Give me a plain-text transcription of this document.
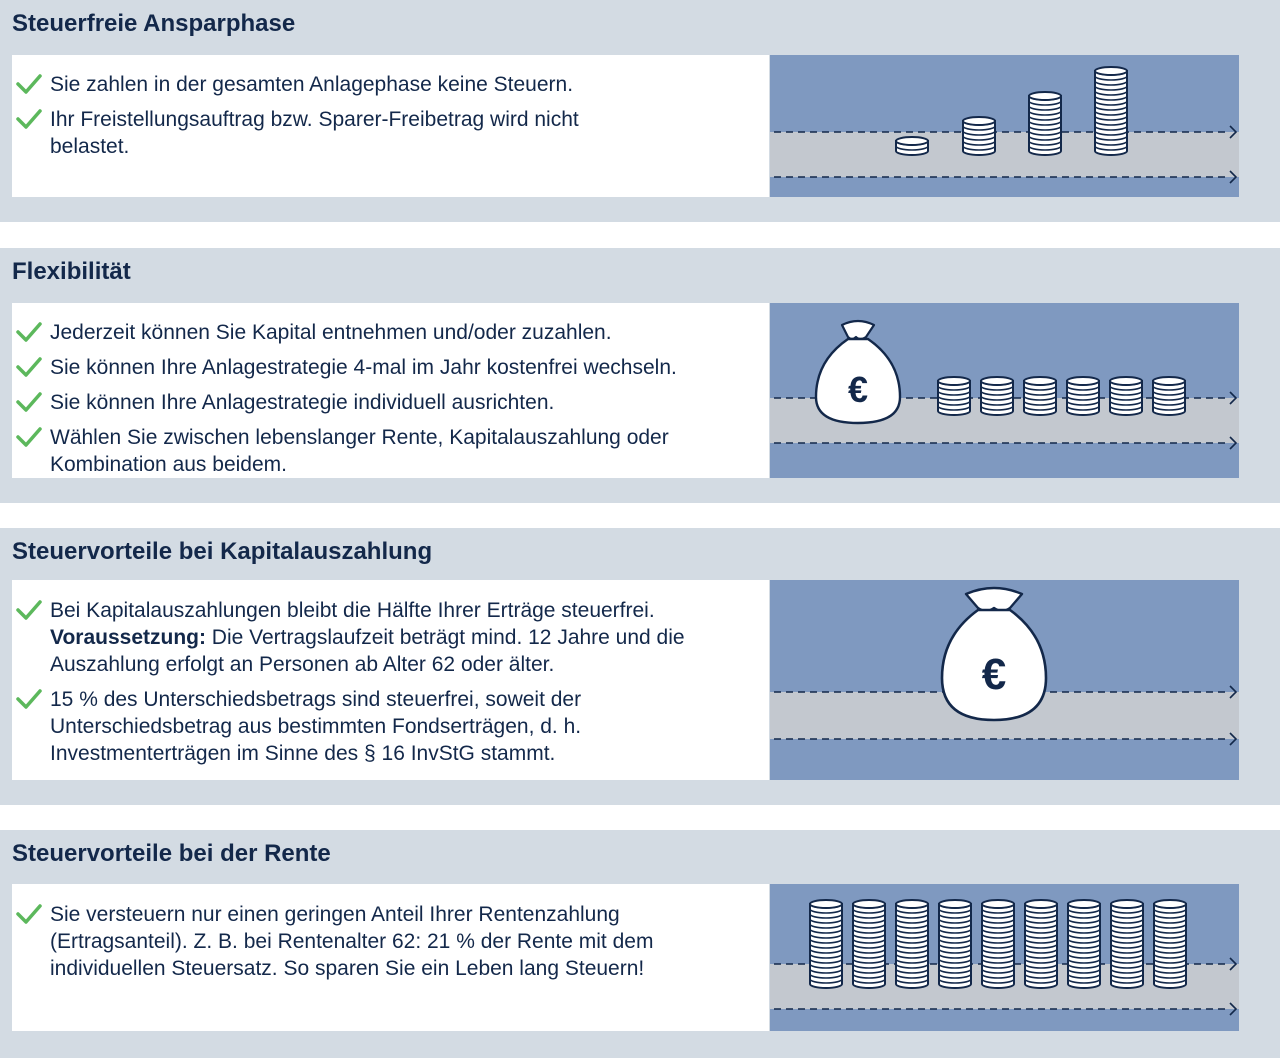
Steuerfreie Ansparphase
Sie zahlen in der gesamten Anlagephase keine Steuern.
Ihr Freistellungsauftrag bzw. Sparer-Freibetrag wird nicht belastet.
Flexibilität
Jederzeit können Sie Kapital entnehmen und/oder zuzahlen.
Sie können Ihre Anlagestrategie 4-mal im Jahr kostenfrei wechseln.
Sie können Ihre Anlagestrategie individuell ausrichten.
Wählen Sie zwischen lebenslanger Rente, Kapitalauszahlung oder Kombination aus beidem.
€
Steuervorteile bei Kapitalauszahlung
Bei Kapitalauszahlungen bleibt die Hälfte Ihrer Erträge steuerfrei.
Voraussetzung: Die Vertragslaufzeit beträgt mind. 12 Jahre und die Auszahlung erfolgt an Personen ab Alter 62 oder älter.
15 % des Unterschiedsbetrags sind steuerfrei, soweit der Unterschiedsbetrag aus bestimmten Fondserträgen, d. h. Investmenterträgen im Sinne des § 16 InvStG stammt.
€
Steuervorteile bei der Rente
Sie versteuern nur einen geringen Anteil Ihrer Rentenzahlung (Ertragsanteil). Z. B. bei Rentenalter 62: 21 % der Rente mit dem individuellen Steuersatz. So sparen Sie ein Leben lang Steuern!
